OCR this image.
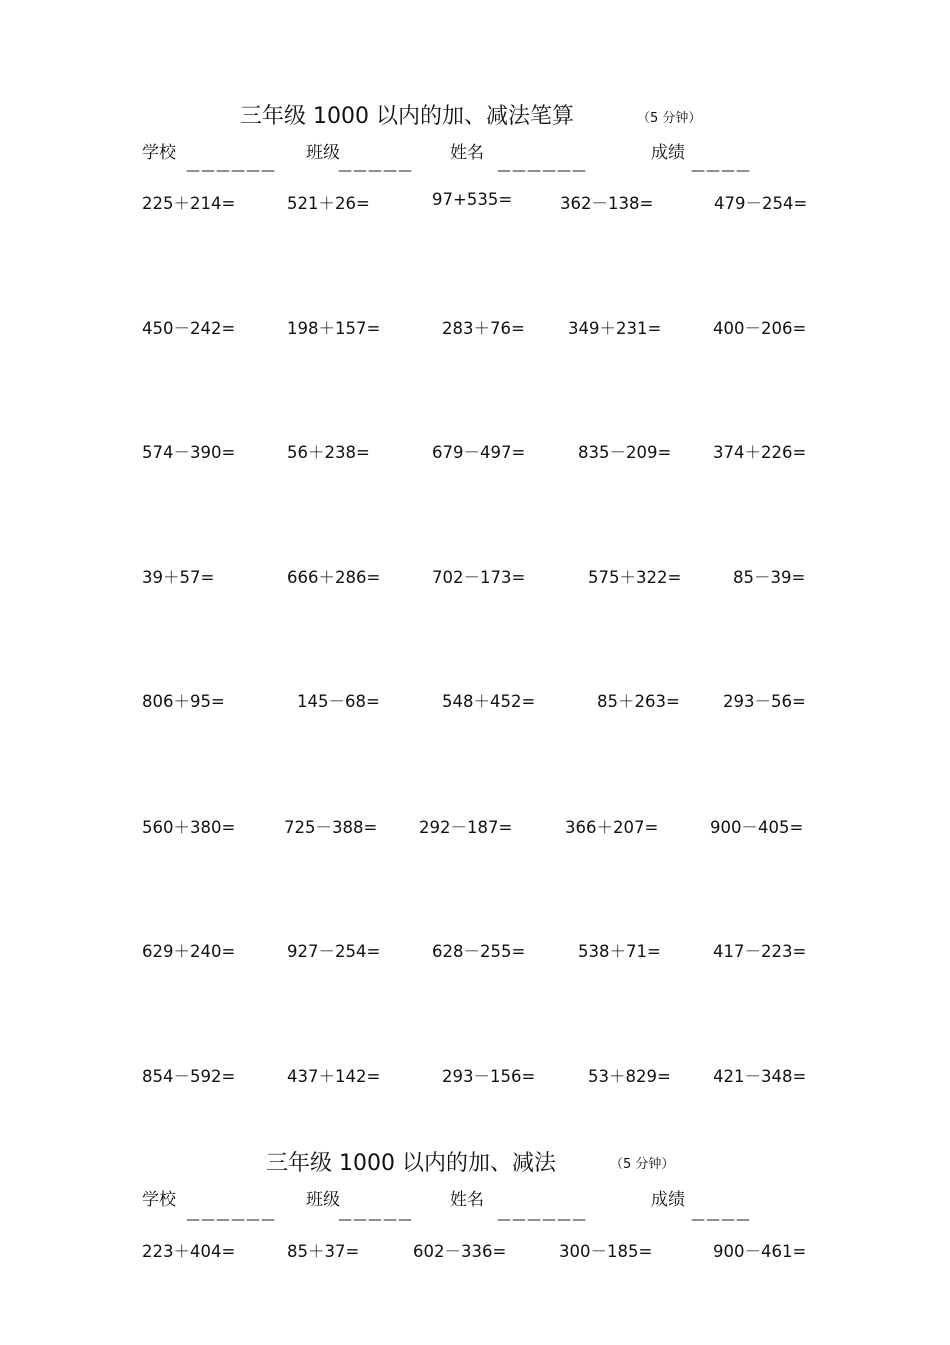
三年级 1000 以内的加、减法笔算	（5 分钟）
学校	班级	姓名	成绩
——————	—————	——————	————
225＋214=	521＋26=	97+535=	362－138=	479－254=
450－242=	198＋157=	283＋76=	349＋231=	400－206=
574－390=	56＋238=	679－497=	835－209=	374＋226=
39＋57=	666＋286=	702－173=	575＋322=	85－39=
806＋95=	145－68=	548＋452=	85＋263=	293－56=
560＋380=	725－388=	292－187=	366＋207=	900－405=
629＋240=	927－254=	628－255=	538＋71=	417－223=
854－592=	437＋142=	293－156=	53＋829=	421－348=
三年级 1000 以内的加、减法	（5 分钟）
学校	班级	姓名	成绩
——————	—————	——————	————
223＋404=	85＋37=	602－336=	300－185=	900－461=
